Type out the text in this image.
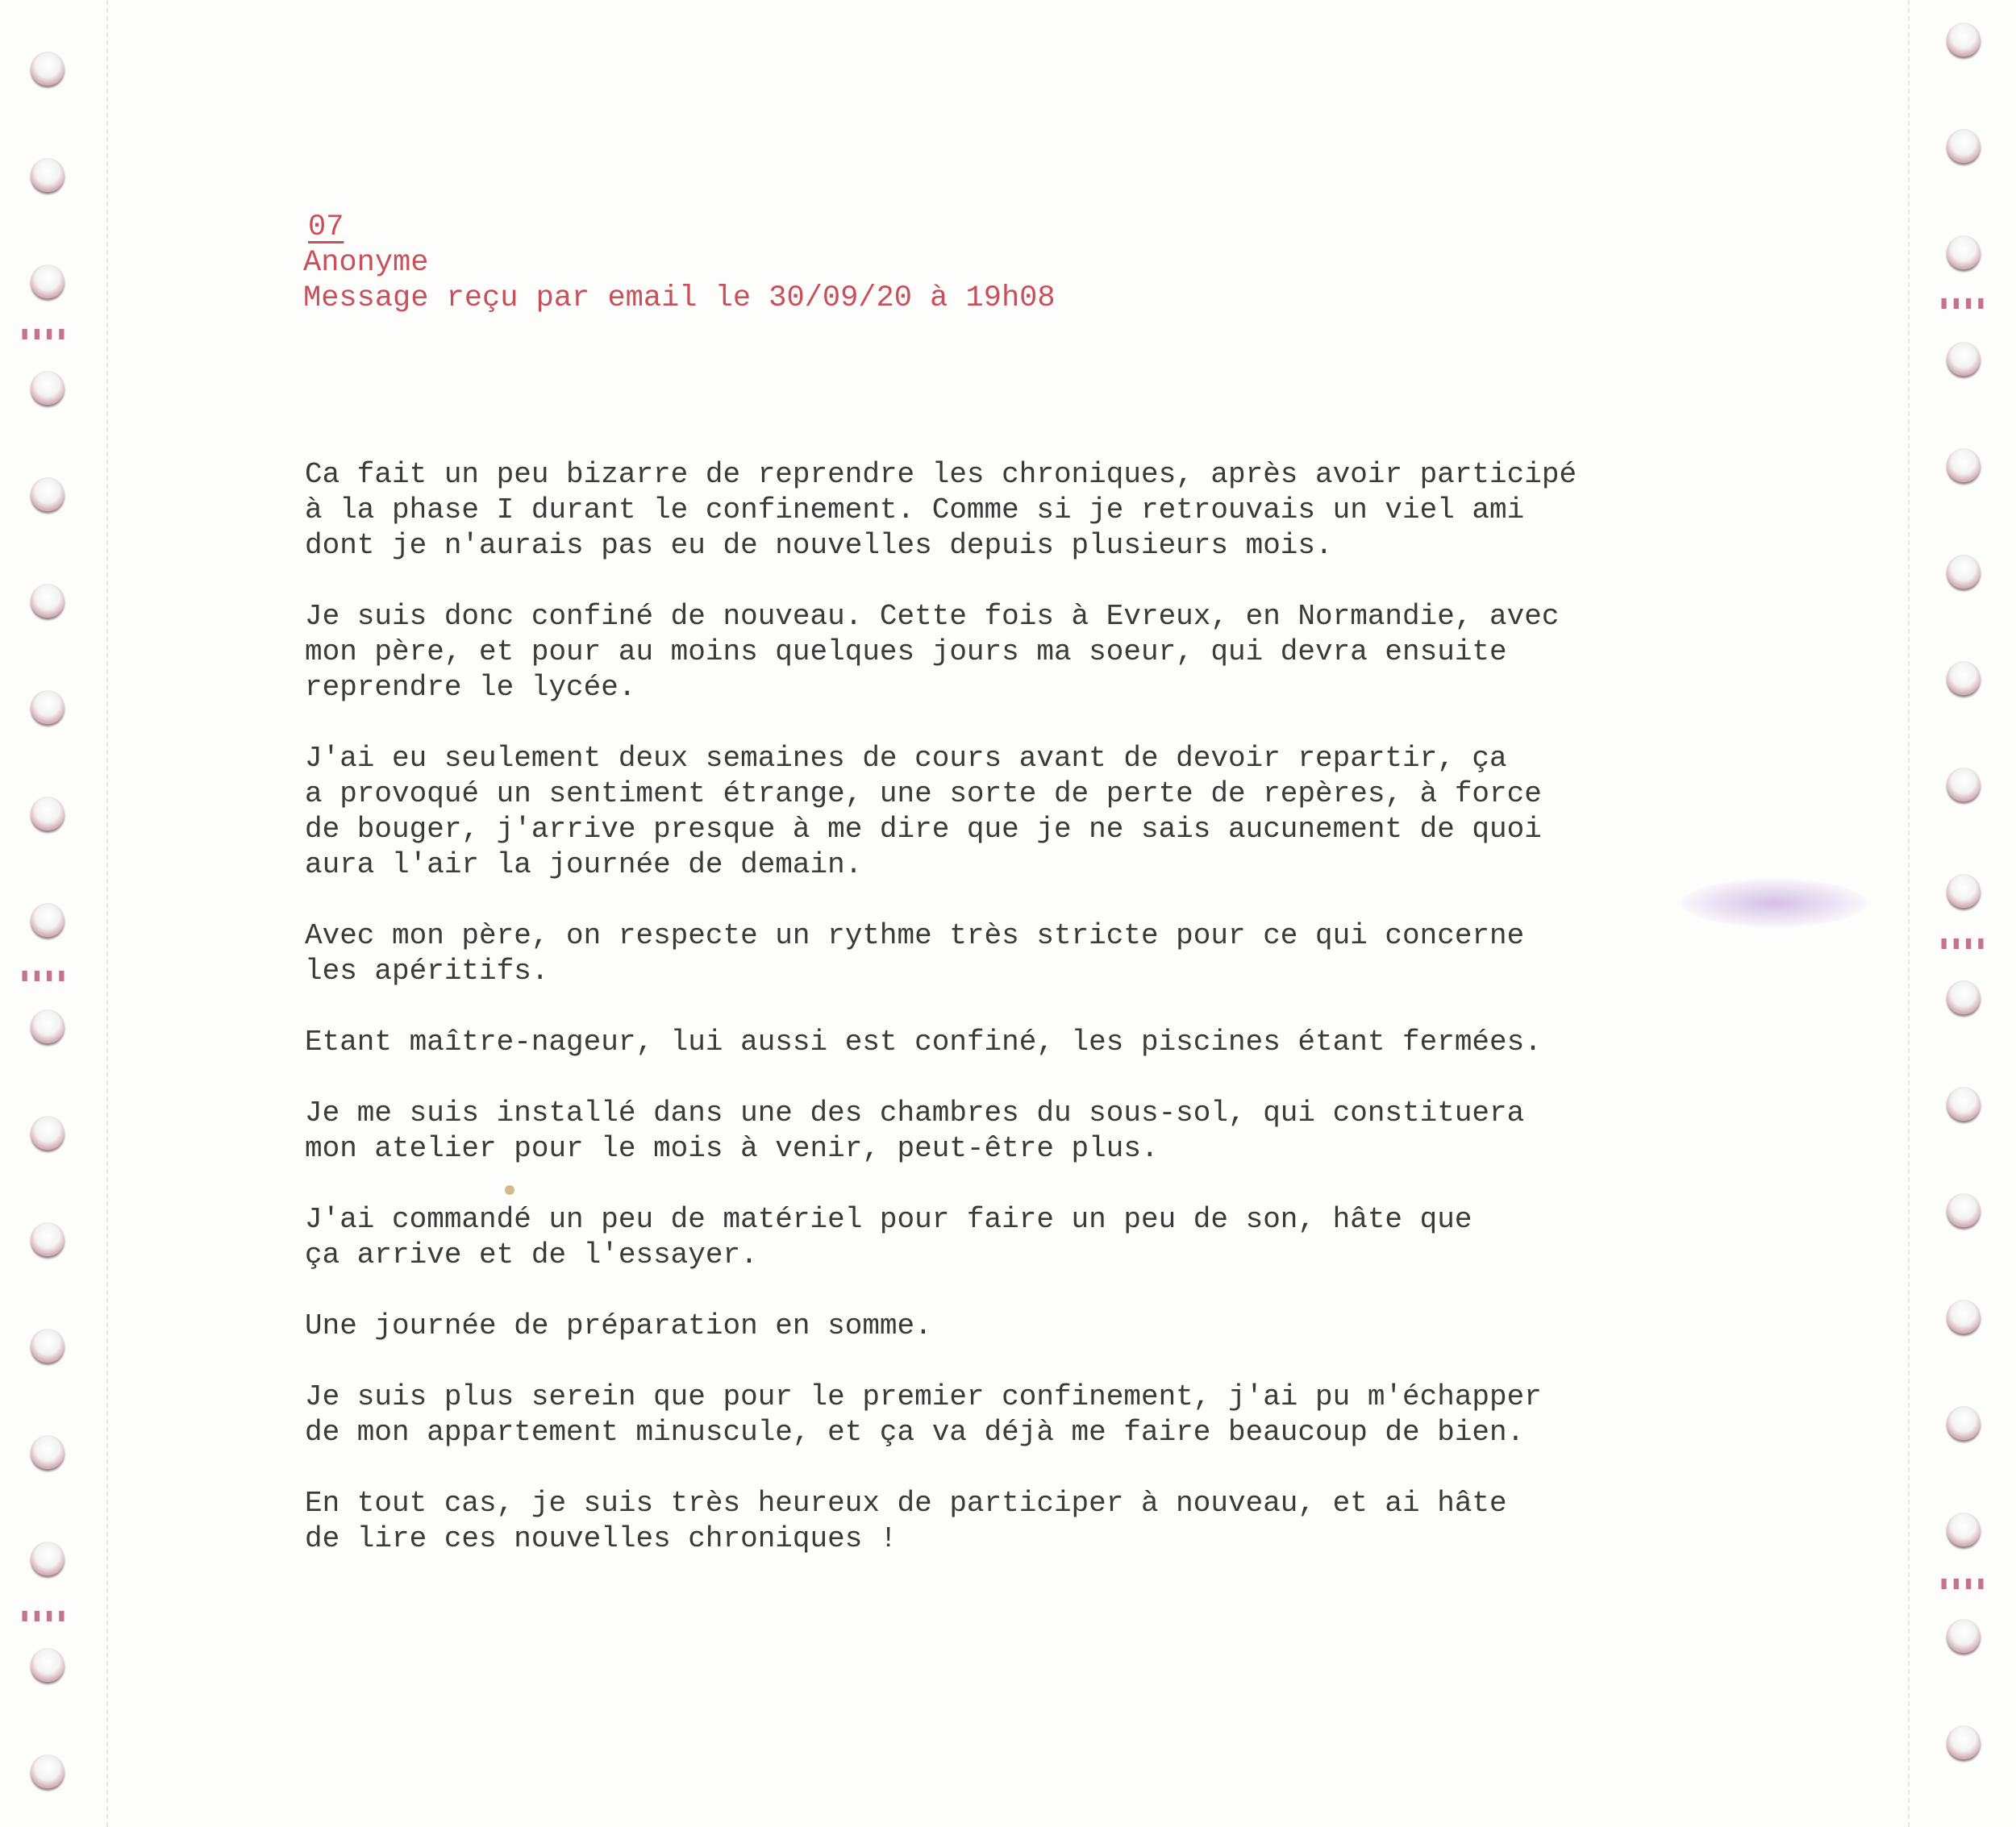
▮▮▮▮
▮▮▮▮
▮▮▮▮
▮▮▮▮
▮▮▮▮
▮▮▮▮
07
Anonyme
Message reçu par email le 30/09/20 à 19h08

Ca fait un peu bizarre de reprendre les chroniques, après avoir participé
à la phase I durant le confinement. Comme si je retrouvais un viel ami
dont je n'aurais pas eu de nouvelles depuis plusieurs mois.

Je suis donc confiné de nouveau. Cette fois à Evreux, en Normandie, avec
mon père, et pour au moins quelques jours ma soeur, qui devra ensuite
reprendre le lycée.

J'ai eu seulement deux semaines de cours avant de devoir repartir, ça
a provoqué un sentiment étrange, une sorte de perte de repères, à force
de bouger, j'arrive presque à me dire que je ne sais aucunement de quoi
aura l'air la journée de demain.

Avec mon père, on respecte un rythme très stricte pour ce qui concerne
les apéritifs.

Etant maître-nageur, lui aussi est confiné, les piscines étant fermées.

Je me suis installé dans une des chambres du sous-sol, qui constituera
mon atelier pour le mois à venir, peut-être plus.

J'ai commandé un peu de matériel pour faire un peu de son, hâte que
ça arrive et de l'essayer.

Une journée de préparation en somme.

Je suis plus serein que pour le premier confinement, j'ai pu m'échapper
de mon appartement minuscule, et ça va déjà me faire beaucoup de bien.

En tout cas, je suis très heureux de participer à nouveau, et ai hâte
de lire ces nouvelles chroniques !
